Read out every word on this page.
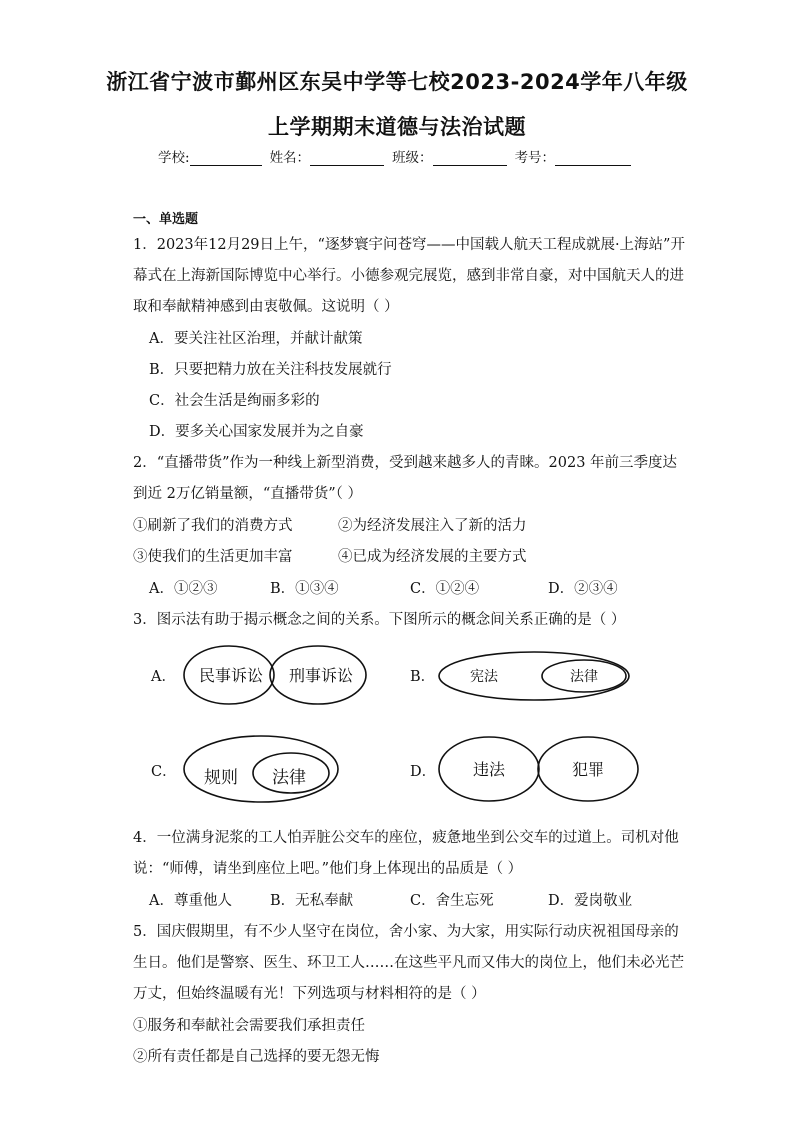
浙江省宁波市鄞州区东吴中学等七校2023-2024学年八年级
上学期期末道德与法治试题
学校:	姓名：	班级：	考号：
一、单选题
1．2023年12月29日上午，“逐梦寰宇问苍穹——中国载人航天工程成就展·上海站”开
幕式在上海新国际博览中心举行。小德参观完展览，感到非常自豪，对中国航天人的进
取和奉献精神感到由衷敬佩。这说明（ ）
A．要关注社区治理，并献计献策
B．只要把精力放在关注科技发展就行
C．社会生活是绚丽多彩的
D．要多关心国家发展并为之自豪
2．“直播带货”作为一种线上新型消费，受到越来越多人的青睐。2023 年前三季度达
到近 2万亿销量额，“直播带货”（ ）
①刷新了我们的消费方式	②为经济发展注入了新的活力
③使我们的生活更加丰富	④已成为经济发展的主要方式
A．①②③	B．①③④	C．①②④	D．②③④
3．图示法有助于揭示概念之间的关系。下图所示的概念间关系正确的是（ ）
A． 民事诉讼 刑事诉讼	B． 宪法	法律
C． 规则 法律	D． 违法	犯罪
4．一位满身泥浆的工人怕弄脏公交车的座位，疲惫地坐到公交车的过道上。司机对他
说：“师傅，请坐到座位上吧。”他们身上体现出的品质是（ ）
A．尊重他人	B．无私奉献	C．舍生忘死	D．爱岗敬业
5．国庆假期里，有不少人坚守在岗位，舍小家、为大家，用实际行动庆祝祖国母亲的
生日。他们是警察、医生、环卫工人……在这些平凡而又伟大的岗位上，他们未必光芒
万丈，但始终温暖有光！下列选项与材料相符的是（ ）
①服务和奉献社会需要我们承担责任
②所有责任都是自己选择的要无怨无悔
